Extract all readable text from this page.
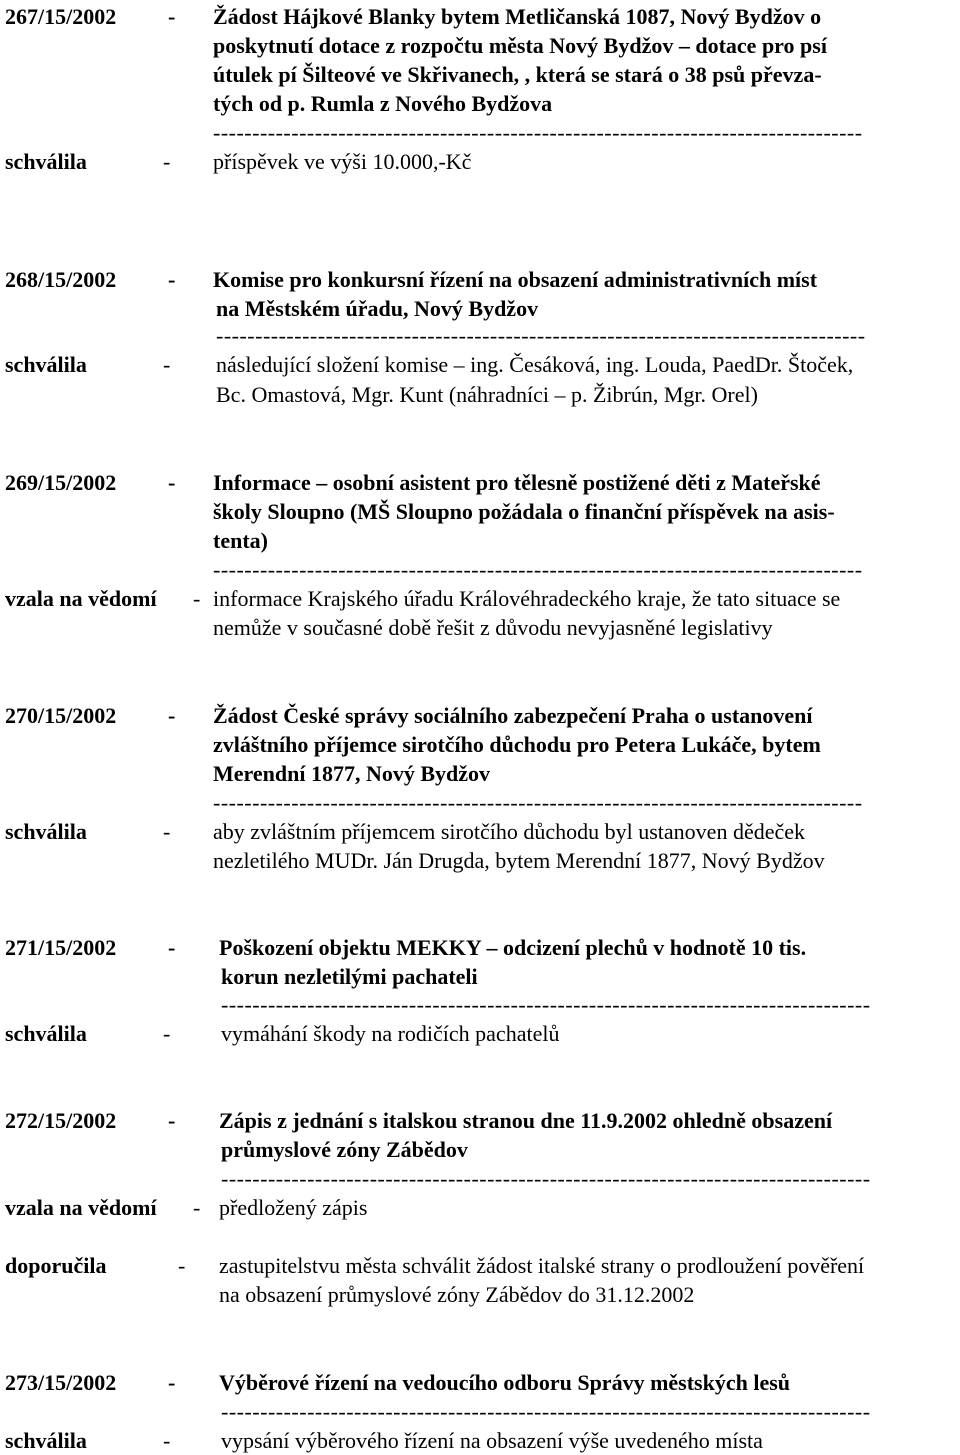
267/15/2002 - Žádost Hájkové Blanky bytem Metličanská 1087, Nový Bydžov o
poskytnutí dotace z rozpočtu města Nový Bydžov – dotace pro psí
útulek pí Šilteové ve Skřivanech, , která se stará o 38 psů převza-
tých od p. Rumla z Nového Bydžova
-----------------------------------------------------------------------------------
schválila	- příspěvek ve výši 10.000,-Kč
268/15/2002 - Komise pro konkursní řízení na obsazení administrativních míst
na Městském úřadu, Nový Bydžov
-----------------------------------------------------------------------------------
schválila	- následující složení komise – ing. Česáková, ing. Louda, PaedDr. Štoček,
Bc. Omastová, Mgr. Kunt (náhradníci – p. Žibrún, Mgr. Orel)
269/15/2002 - Informace – osobní asistent pro tělesně postižené děti z Mateřské
školy Sloupno (MŠ Sloupno požádala o finanční příspěvek na asis-
tenta)
-----------------------------------------------------------------------------------
vzala na vědomí - informace Krajského úřadu Královéhradeckého kraje, že tato situace se
nemůže v současné době řešit z důvodu nevyjasněné legislativy
270/15/2002 - Žádost České správy sociálního zabezpečení Praha o ustanovení
zvláštního příjemce sirotčího důchodu pro Petera Lukáče, bytem
Merendní 1877, Nový Bydžov
-----------------------------------------------------------------------------------
schválila	- aby zvláštním příjemcem sirotčího důchodu byl ustanoven dědeček
nezletilého MUDr. Ján Drugda, bytem Merendní 1877, Nový Bydžov
271/15/2002 - Poškození objektu MEKKY – odcizení plechů v hodnotě 10 tis.
korun nezletilými pachateli
-----------------------------------------------------------------------------------
schválila	- vymáhání škody na rodičích pachatelů
272/15/2002 - Zápis z jednání s italskou stranou dne 11.9.2002 ohledně obsazení
průmyslové zóny Zábědov
-----------------------------------------------------------------------------------
vzala na vědomí - předložený zápis
doporučila	- zastupitelstvu města schválit žádost italské strany o prodloužení pověření
na obsazení průmyslové zóny Zábědov do 31.12.2002
273/15/2002 - Výběrové řízení na vedoucího odboru Správy městských lesů
-----------------------------------------------------------------------------------
schválila	- vypsání výběrového řízení na obsazení výše uvedeného místa
